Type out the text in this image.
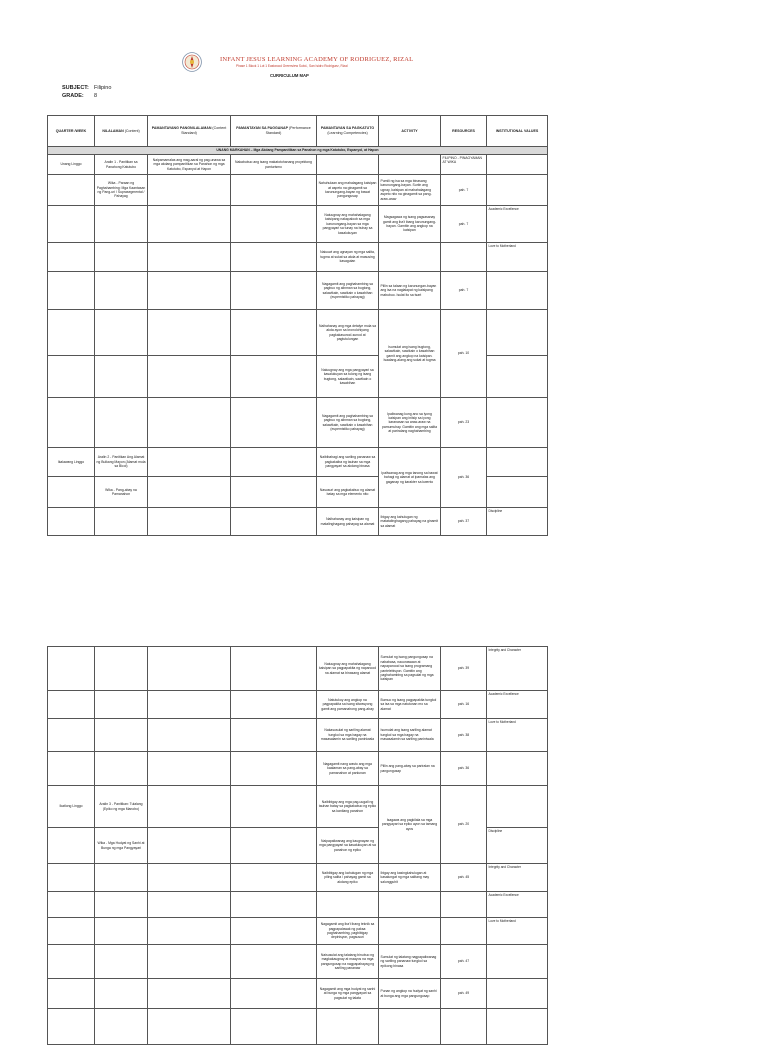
INFANT JESUS LEARNING ACADEMY OF RODRIGUEZ, RIZAL
Phase 1 Block 1 Lot 1 Eastwood Greenview Subd., San Isidro Rodriguez, Rizal
CURRICULUM MAP
SUBJECT: Filipino
GRADE: 8
QUARTER /WEEK	NILALAMAN (Content)	PAMANTAYANG PANGNILALAMAN (Content Standard)	PAMANTAYAN SA PAGGANAP (Performance Standard)	PAMANTAYAN SA PAGKATUTO (Learning Competencies)	ACTIVITY	RESOURCES	INSTITUTIONAL VALUES
UNANG MARKAHAN – Mga Akdang Pampanitikan sa Panahon ng mga Katutubo, Espanyol, at Hapon							
Unang Linggo	Aralin 1 - Panitikan sa Panahong Katutubo	Naipamamalas ang mag-aaral ng pag-unawa sa mga akdang pampanitikan sa Panahon ng mga Katutubo, Espanyol at Hapon	Nakabubuo ang isang makatotohanang proyektong panturismo			FILIPINO - PINAGYAMAN AT WIKA	
	Wika - Paraan ng Paghahambing: Mga Kaantasan ng Pang-uri / Suprasegmental / Pahayag			Nahuhulaan ang mahalagang kaisipan at aspeto na ginagamit sa karunungang-bayan ng bawat pangungusap	Pumili ng isa sa mga binasang karunungang-bayan. Suriin ang ugnay, kaisipan at mahahalagang aspeto nito na ginagamit sa pang-araw-araw	pah. 7	
				Naiuugnay ang mahahalagang kaisipang nakapaloob sa mga karunungang-bayan sa mga pangyayari sa tunay na buhay sa kasalukuyan	Magsagawa ng isang pagsasanay gamit ang iba't ibang karunungang-bayan. Gamitin ang angkop na kaisipan	pah. 7	Academic Excellence
				Naiuuwi ang ugnayan ng mga salita, tugma at sukat sa akda at masusing kasagutan			Love to Motherland
				Nagagamit ang paghahambing sa pagbuo ng alinman sa bugtong, salawikain, sawikain o kasabihan (eupemistiko pahayag)	Pillin sa talaan ng karunungan-bayan ang isa na naglalapat ng kaisipang mabubuo. Isulat ito sa tsart	pah. 7	
				Naihahanay ang mga detalye mula sa akda ayon sa kronolohiyang pagkakasunod-sunod at pagtutulungan	Isumulat ang isang bugtong, salawikain, sawikain o kasabihan gamit ang angkop na kaisipan. Isaalang-alang ang sukat at tugma	pah. 10	
				Naiuugnay ang mga pangyayari sa kasalukuyan sa tulong ng isang bugtong, salawikain, sawikain o kasabihan			
				Nagagamit ang paghahambing sa pagbuo ng alinman sa bugtong, salawikain, sawikain o kasabihan (eupemistiko pahayag)	Ipaliwanag kung ano sa iyong kaisipan ang iniisip sa iyong karanasan sa araw-araw na pamumuhay. Gamitin ang mga salita at pariralang naghahambing	pah. 23	
Ikalawang Linggo	Aralin 2 - Panitikan Ang Alamat ng Bulkang Mayon (Alamat mula sa Bicol)			Naibibahagi ang sariling pananaw sa pagkakaiba ng tauhan sa mga pangyayari sa akdang binasa	Ipaliwanag ang mga tanong sa bawat bahagi ng alamat at ipamalas ang gaganap ng karakter sa kwento	pah. 36	
	Wika - Pang-abay na Pamanahon			Nasusuri ang pagkakabuo ng alamat batay sa mga elemento nito			
				Naihahanay ang kaisipan ng matalinghagang pahayag sa alamat	Ibigay ang kahulugan ng matatalinghagang pahayag na ginamit sa alamat	pah. 37	Discipline
				Naiuugnay ang mahahalagang kaisipan sa pagpapakita ng napanood na alamat sa binasang alamat	Sumulat ng isang pangungusap na nababasa, nauunawaan at napapanood sa isang programang pantelebisyon. Gamitin ang paghahambing sa pagsulat ng mga kaisipan	pah. 39	Integrity and Character
				Natutukoy ang angkop na pagpapakita sa isang sitwasyong gamit ang pamanahong pang-abay	Bumuo ng isang pagpapakita tungkol sa isa sa mga natutunan mo sa alamat	pah. 16	Academic Excellence
				Nakasusulat ng sariling alamat tungkol sa mga bagay na masasalamin sa sariling paniniwala	Isumulat ang isang sariling alamat tungkol sa mga bagay na masasalamin sa sariling paniniwala	pah. 38	Love to Motherland
				Nagagamit nang wasto ang mga kaalaman sa pang-abay sa pamanahon at panlunan	Pillin ang pang-abay sa pariralan na pangungusap	pah. 36	
Ikatlong Linggo	Aralin 3 - Panitikan: Tulalang (Epiko ng mga Manobo)			Naibibigay ang mga pag-uugali ng tauhan batay sa pagkakabuo ng epiko sa kanilang panahon	Isagawa ang pagkilala sa mga pangyayari sa epiko ayon sa tamang ayos	pah. 20	
	Wika - Mga Hudyat ng Sanhi at Bunga ng mga Pangyayari			Naipapaliwanag ang kaugnayan ng mga pangyayari sa kasalukuyan at sa panahon ng epiko			Discipline
				Naibibigay ang kahulugan ng mga piling salita / pahayag gamit sa akdang epiko	Ibigay ang kasingkahulugan at kasalungat ng mga salitang may salungguhit	pah. 45	Integrity and Character
							Academic Excellence
				Nagagamit ang iba't ibang teknik sa pagpapalawak ng paksa: paghahambing, pagbibigay depinisyon, pagsusuri			Love to Motherland
				Naisusulat ang talatang binubuo ng magkakaugnay at maayos na mga pangungusap na nagpapahayag ng sariling pananaw	Sumulat ng talatang nagpapaliwanag ng sariling pananaw tungkol sa epikong binasa	pah. 47	
				Nagagamit ang mga hudyat ng sanhi at bunga ng mga pangyayari sa pagsulat ng talata	Punan ng angkop na hudyat ng sanhi at bunga ang mga pangungusap	pah. 49	
